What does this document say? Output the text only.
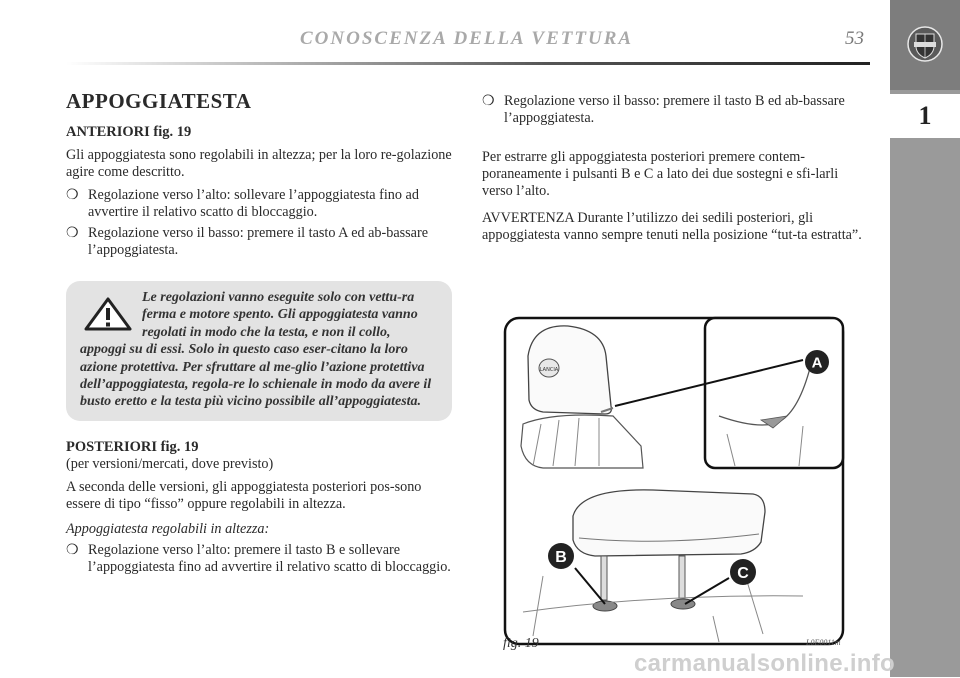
CONOSCENZA DELLA VETTURA	53
1
APPOGGIATESTA
ANTERIORI fig. 19

Gli appoggiatesta sono regolabili in altezza; per la loro re-golazione agire come descritto.

❍ Regolazione verso l’alto: sollevare l’appoggiatesta fino ad avvertire il relativo scatto di bloccaggio.

❍ Regolazione verso il basso: premere il tasto A ed ab-bassare l’appoggiatesta.

Le regolazioni vanno eseguite solo con vettu-ra ferma e motore spento. Gli appoggiatesta vanno regolati in modo che la testa, e non il collo, appoggi su di essi. Solo in questo caso eser-citano la loro azione protettiva. Per sfruttare al me-glio l’azione protettiva dell’appoggiatesta, regola-re lo schienale in modo da avere il busto eretto e la testa più vicino possibile all’appoggiatesta.
POSTERIORI fig. 19

(per versioni/mercati, dove previsto)

A seconda delle versioni, gli appoggiatesta posteriori pos-sono essere di tipo “fisso” oppure regolabili in altezza.

Appoggiatesta regolabili in altezza:

❍ Regolazione verso l’alto: premere il tasto B e sollevare l’appoggiatesta fino ad avvertire il relativo scatto di bloccaggio.

❍ Regolazione verso il basso: premere il tasto B ed ab-bassare l’appoggiatesta.

Per estrarre gli appoggiatesta posteriori premere contem-poraneamente i pulsanti B e C a lato dei due sostegni e sfi-larli verso l’alto.

AVVERTENZA Durante l’utilizzo dei sedili posteriori, gli appoggiatesta vanno sempre tenuti nella posizione “tut-ta estratta”.

LANCIA	A
B
C
fig. 19	L0E0011m
carmanualsonline.info
